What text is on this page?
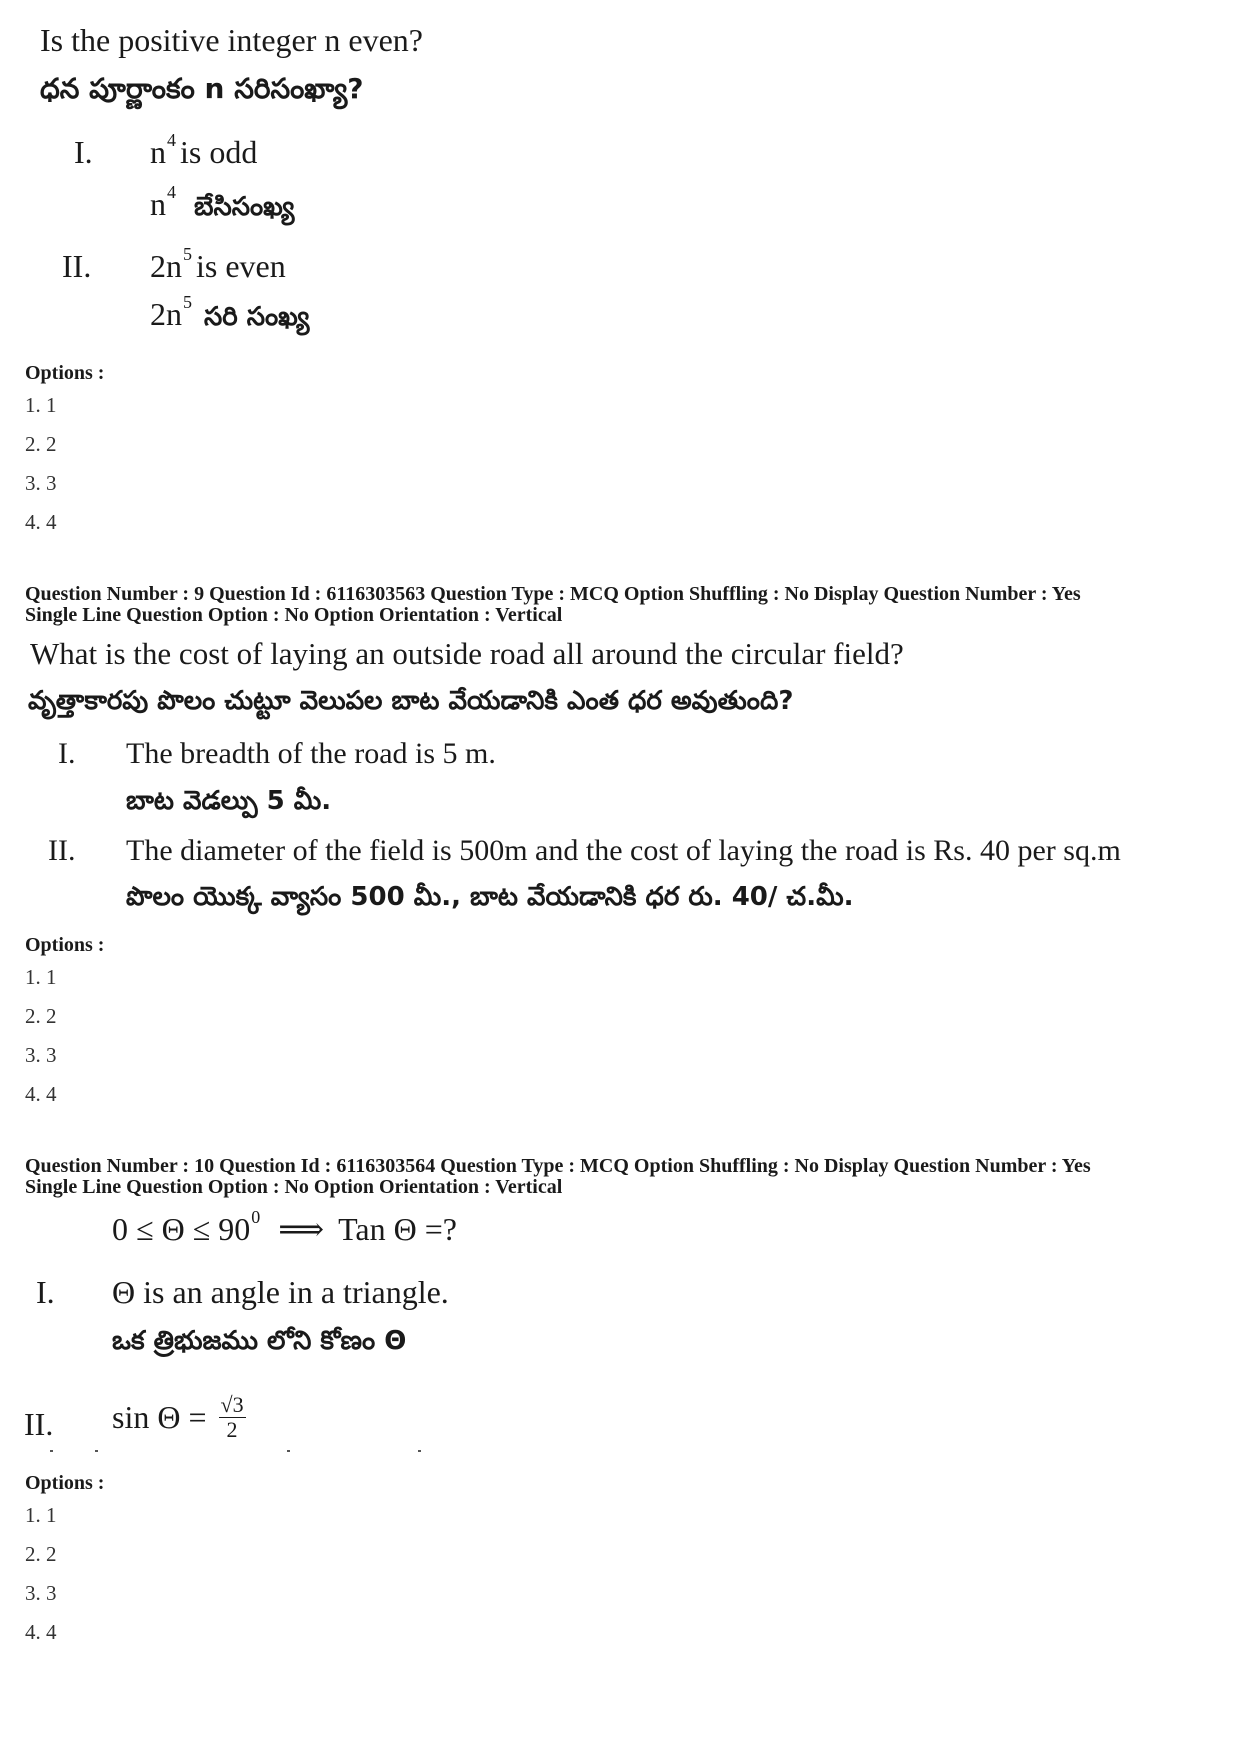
Is the positive integer n even?
ధన పూర్ణాంకం n సరిసంఖ్యా?
I. $n^4$ is odd
$n^4$ బేసిసంఖ్య
II. $2n^5$ is even
$2n^5$ సరి సంఖ్య
Options :
1. 1
2. 2
3. 3
4. 4
Question Number : 9 Question Id : 6116303563 Question Type : MCQ Option Shuffling : No Display Question Number : Yes
Single Line Question Option : No Option Orientation : Vertical
What is the cost of laying an outside road all around the circular field?
వృత్తాకారపు పొలం చుట్టూ వెలుపల బాట వేయడానికి ఎంత ధర అవుతుంది?
I. The breadth of the road is 5 m.
బాట వెడల్పు 5 మీ.
II. The diameter of the field is 500m and the cost of laying the road is Rs. 40 per sq.m
పొలం యొక్క వ్యాసం 500 మీ., బాట వేయడానికి ధర రు. 40/ చ.మీ.
Options :
1. 1
2. 2
3. 3
4. 4
Question Number : 10 Question Id : 6116303564 Question Type : MCQ Option Shuffling : No Display Question Number : Yes
Single Line Question Option : No Option Orientation : Vertical
$0 \le \Theta \le 90^0$ ⟹ Tan Θ =?
I. Θ is an angle in a triangle.
ఒక త్రిభుజము లోని కోణం Θ
II. $\sin \Theta = \frac{√3}{2}$
Options :
1. 1
2. 2
3. 3
4. 4
